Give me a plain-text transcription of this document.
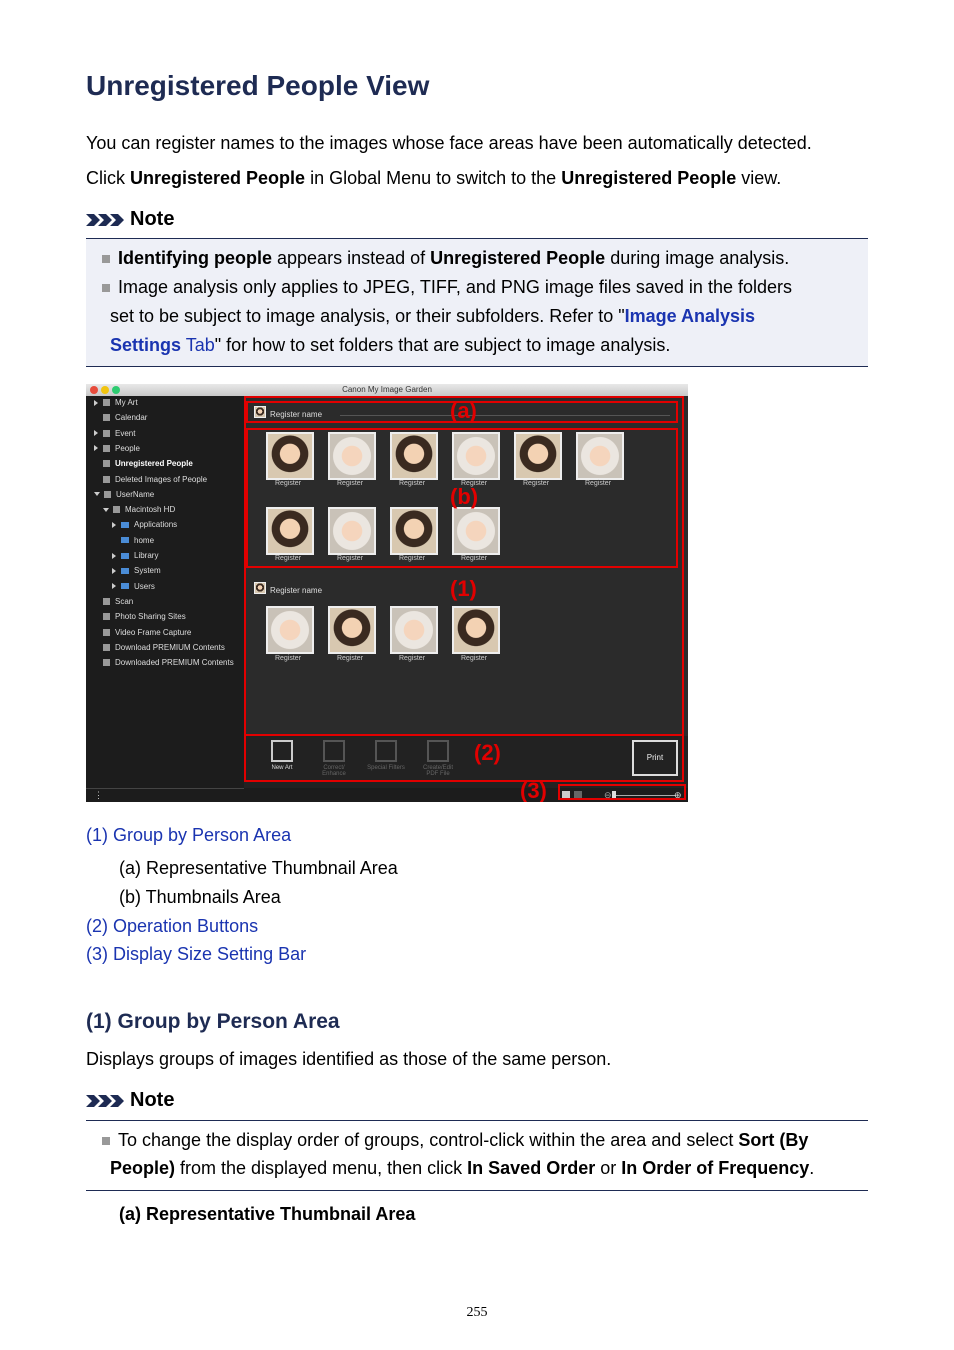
Unregistered People View

You can register names to the images whose face areas have been automatically detected.

Click Unregistered People in Global Menu to switch to the Unregistered People view.

Note
Identifying people appears instead of Unregistered People during image analysis.
Image analysis only applies to JPEG, TIFF, and PNG image files saved in the folders
set to be subject to image analysis, or their subfolders. Refer to "Image Analysis
Settings Tab" for how to set folders that are subject to image analysis.
Canon My Image Garden
My Art
Calendar
Event
People
Unregistered People
Deleted Images of People
UserName
Macintosh HD
Applications
home
Library
System
Users
Scan
Photo Sharing Sites
Video Frame Capture
Download PREMIUM Contents
Downloaded PREMIUM Contents
⋮
Register name
Register	Register	Register	Register	Register	Register
Register	Register	Register	Register
Register name
Register	Register	Register	Register
New Art	Correct/ Enhance
Special Filters	Create/Edit PDF File
Print
⊖	⊕
(a)
(b)
(1)
(2)
(3)
(1) Group by Person Area
(a) Representative Thumbnail Area
(b) Thumbnails Area
(2) Operation Buttons
(3) Display Size Setting Bar
(1) Group by Person Area

Displays groups of images identified as those of the same person.

Note
To change the display order of groups, control-click within the area and select Sort (By
People) from the displayed menu, then click In Saved Order or In Order of Frequency.
(a) Representative Thumbnail Area
255
